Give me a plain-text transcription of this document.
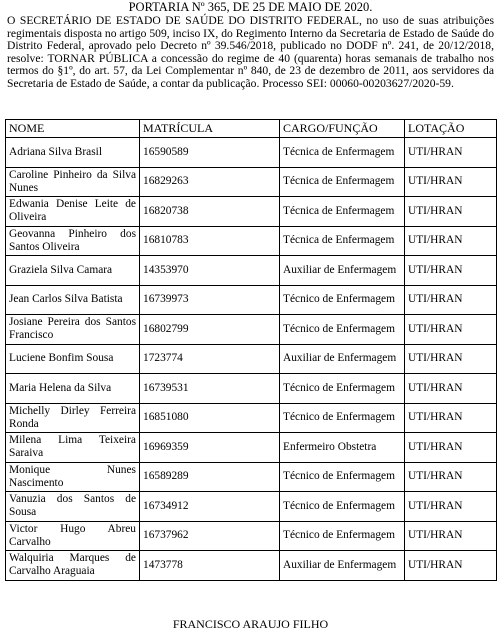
PORTARIA Nº 365, DE 25 DE MAIO DE 2020.
O SECRETÁRIO DE ESTADO DE SAÚDE DO DISTRITO FEDERAL, no uso de suas atribuições regimentais disposta no artigo 509, inciso IX, do Regimento Interno da Secretaria de Estado de Saúde do Distrito Federal, aprovado pelo Decreto nº 39.546/2018, publicado no DODF nº. 241, de 20/12/2018, resolve: TORNAR PÚBLICA a concessão do regime de 40 (quarenta) horas semanais de trabalho nos termos do §1º, do art. 57, da Lei Complementar nº 840, de 23 de dezembro de 2011, aos servidores da Secretaria de Estado de Saúde, a contar da publicação. Processo SEI: 00060-00203627/2020-59.
NOME	MATRÍCULA	CARGO/FUNÇÃO	LOTAÇÃO
Adriana Silva Brasil	16590589	Técnica de Enfermagem	UTI/HRAN
Caroline Pinheiro da Silva Nunes	16829263	Técnica de Enfermagem	UTI/HRAN
Edwania Denise Leite de Oliveira	16820738	Técnica de Enfermagem	UTI/HRAN
Geovanna Pinheiro dos Santos Oliveira	16810783	Técnica de Enfermagem	UTI/HRAN
Graziela Silva Camara	14353970	Auxiliar de Enfermagem	UTI/HRAN
Jean Carlos Silva Batista	16739973	Técnico de Enfermagem	UTI/HRAN
Josiane Pereira dos Santos Francisco	16802799	Técnico de Enfermagem	UTI/HRAN
Luciene Bonfim Sousa	1723774	Auxiliar de Enfermagem	UTI/HRAN
Maria Helena da Silva	16739531	Técnico de Enfermagem	UTI/HRAN
Michelly Dirley Ferreira Ronda	16851080	Técnico de Enfermagem	UTI/HRAN
Milena Lima Teixeira Saraiva	16969359	Enfermeiro Obstetra	UTI/HRAN
Monique Nunes Nascimento	16589289	Técnico de Enfermagem	UTI/HRAN
Vanuzia dos Santos de Sousa	16734912	Técnico de Enfermagem	UTI/HRAN
Victor Hugo Abreu Carvalho	16737962	Técnico de Enfermagem	UTI/HRAN
Walquiria Marques de Carvalho Araguaia	1473778	Auxiliar de Enfermagem	UTI/HRAN
FRANCISCO ARAUJO FILHO
